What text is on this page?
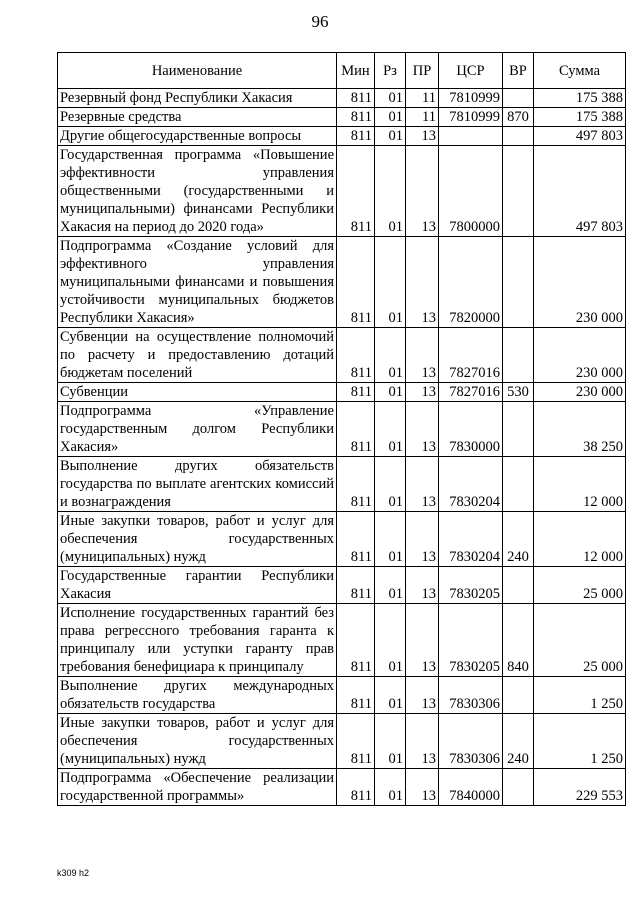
96
Наименование	Мин	Рз	ПР	ЦСР	ВР	Сумма
Резервный фонд Республики Хакасия	811	01	11	7810999		175 388
Резервные средства	811	01	11	7810999	870	175 388
Другие общегосударственные вопросы	811	01	13			497 803
Государственная программа «Повышение эффективности управления общественными (государственными и муниципальными) финансами Республики Хакасия на период до 2020 года»	811	01	13	7800000		497 803
Подпрограмма «Создание условий для эффективного управления муниципальными финансами и повышения устойчивости муниципальных бюджетов Республики Хакасия»	811	01	13	7820000		230 000
Субвенции на осуществление полномочий по расчету и предоставлению дотаций бюджетам поселений	811	01	13	7827016		230 000
Субвенции	811	01	13	7827016	530	230 000
Подпрограмма «Управление государственным долгом Республики Хакасия»	811	01	13	7830000		38 250
Выполнение других обязательств государства по выплате агентских комиссий и вознаграждения	811	01	13	7830204		12 000
Иные закупки товаров, работ и услуг для обеспечения государственных (муниципальных) нужд	811	01	13	7830204	240	12 000
Государственные гарантии Республики Хакасия	811	01	13	7830205		25 000
Исполнение государственных гарантий без права регрессного требования гаранта к принципалу или уступки гаранту прав требования бенефициара к принципалу	811	01	13	7830205	840	25 000
Выполнение других международных обязательств государства	811	01	13	7830306		1 250
Иные закупки товаров, работ и услуг для обеспечения государственных (муниципальных) нужд	811	01	13	7830306	240	1 250
Подпрограмма «Обеспечение реализации государственной программы»	811	01	13	7840000		229 553
k309 h2
